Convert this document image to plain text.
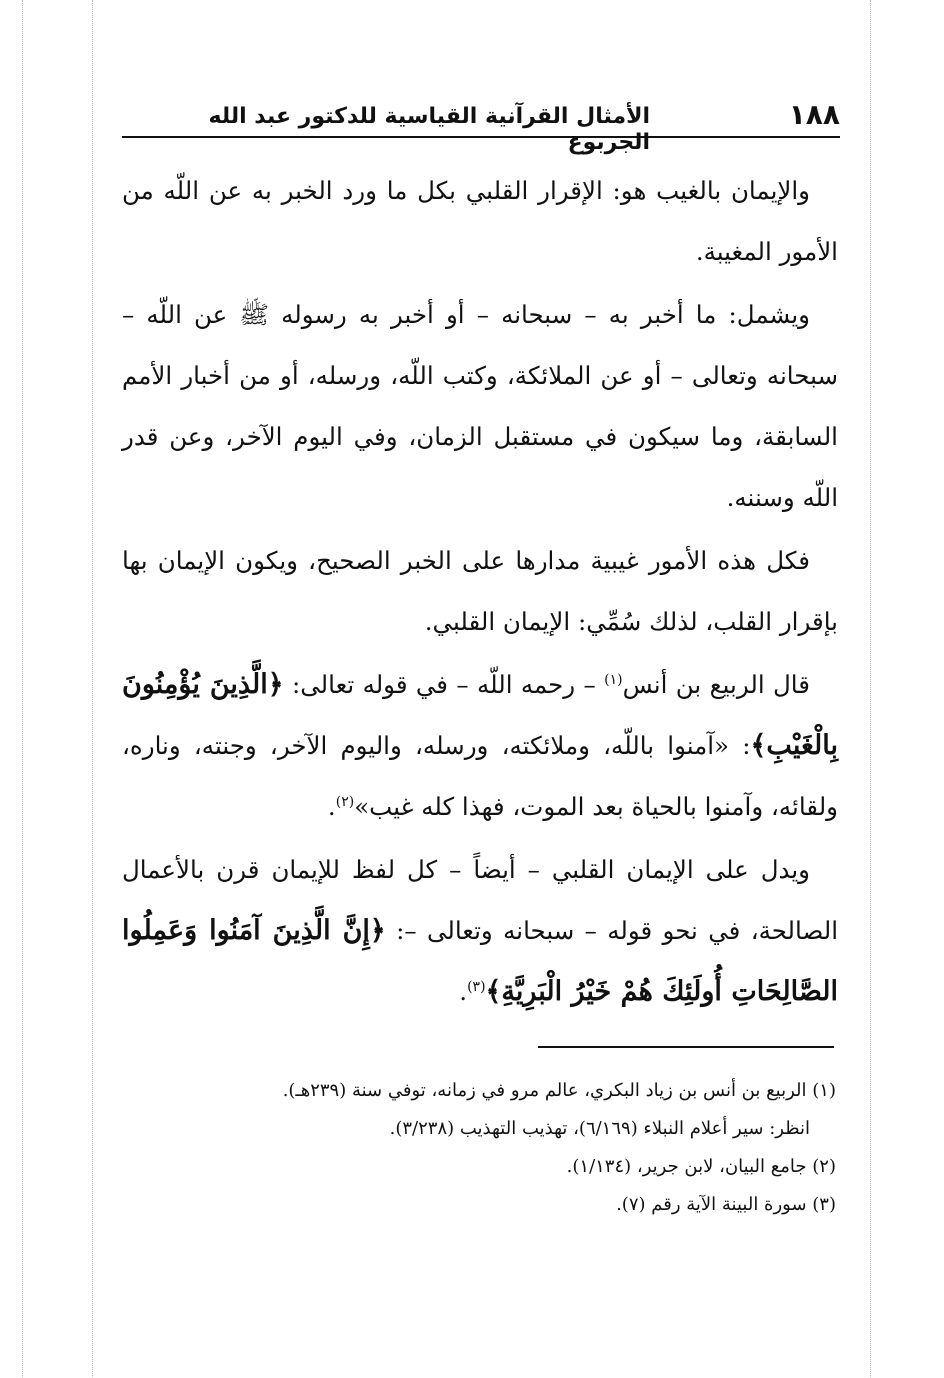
١٨٨
الأمثال القرآنية القياسية للدكتور عبد الله الجربوع

والإيمان بالغيب هو: الإقرار القلبي بكل ما ورد الخبر به عن اللّه من الأمور المغيبة.

ويشمل: ما أخبر به – سبحانه – أو أخبر به رسوله ﷺ عن اللّه – سبحانه وتعالى – أو عن الملائكة، وكتب اللّه، ورسله، أو من أخبار الأمم السابقة، وما سيكون في مستقبل الزمان، وفي اليوم الآخر، وعن قدر اللّه وسننه.

فكل هذه الأمور غيبية مدارها على الخبر الصحيح، ويكون الإيمان بها بإقرار القلب، لذلك سُمِّي: الإيمان القلبي.

قال الربيع بن أنس$^{(١)}$ – رحمه اللّه – في قوله تعالى: ﴿الَّذِينَ يُؤْمِنُونَ بِالْغَيْبِ﴾: «آمنوا باللّه، وملائكته، ورسله، واليوم الآخر، وجنته، وناره، ولقائه، وآمنوا بالحياة بعد الموت، فهذا كله غيب»$^{(٢)}$.

ويدل على الإيمان القلبي – أيضاً – كل لفظ للإيمان قرن بالأعمال الصالحة، في نحو قوله – سبحانه وتعالى –: ﴿إِنَّ الَّذِينَ آمَنُوا وَعَمِلُوا الصَّالِحَاتِ أُولَئِكَ هُمْ خَيْرُ الْبَرِيَّةِ﴾$^{(٣)}$.

(١) الربيع بن أنس بن زياد البكري، عالم مرو في زمانه، توفي سنة (٢٣٩هـ).
انظر: سير أعلام النبلاء (٦/١٦٩)، تهذيب التهذيب (٣/٢٣٨).
(٢) جامع البيان، لابن جرير، (١/١٣٤).
(٣) سورة البينة الآية رقم (٧).
